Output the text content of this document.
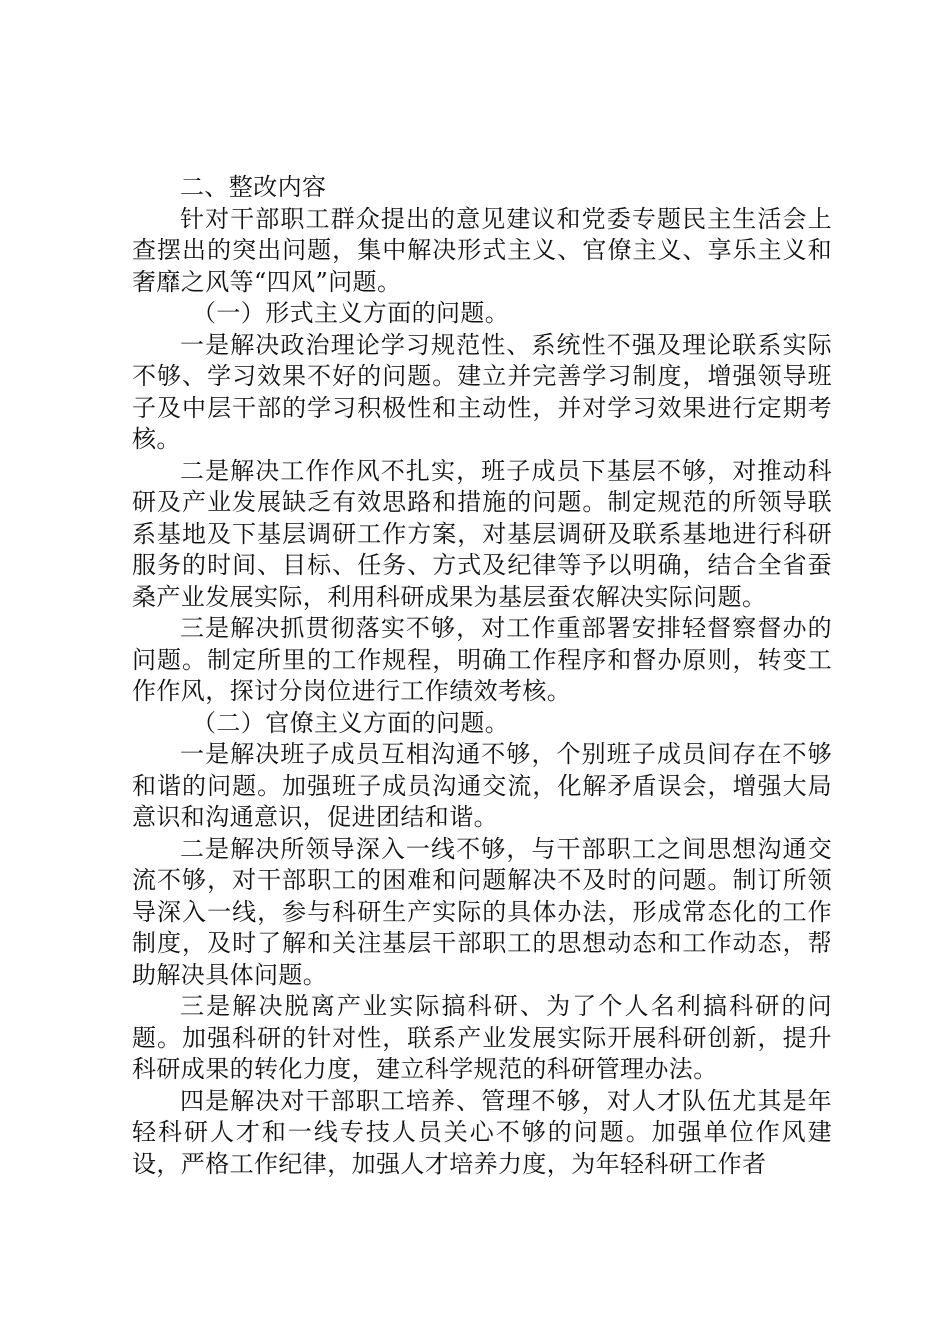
二、整改内容

针对干部职工群众提出的意见建议和党委专题民主生活会上查摆出的突出问题，集中解决形式主义、官僚主义、享乐主义和奢靡之风等“四风”问题。

（一）形式主义方面的问题。

一是解决政治理论学习规范性、系统性不强及理论联系实际不够、学习效果不好的问题。建立并完善学习制度，增强领导班子及中层干部的学习积极性和主动性，并对学习效果进行定期考核。

二是解决工作作风不扎实，班子成员下基层不够，对推动科研及产业发展缺乏有效思路和措施的问题。制定规范的所领导联系基地及下基层调研工作方案，对基层调研及联系基地进行科研服务的时间、目标、任务、方式及纪律等予以明确，结合全省蚕桑产业发展实际，利用科研成果为基层蚕农解决实际问题。

三是解决抓贯彻落实不够，对工作重部署安排轻督察督办的问题。制定所里的工作规程，明确工作程序和督办原则，转变工作作风，探讨分岗位进行工作绩效考核。

（二）官僚主义方面的问题。

一是解决班子成员互相沟通不够，个别班子成员间存在不够和谐的问题。加强班子成员沟通交流，化解矛盾误会，增强大局意识和沟通意识，促进团结和谐。

二是解决所领导深入一线不够，与干部职工之间思想沟通交流不够，对干部职工的困难和问题解决不及时的问题。制订所领导深入一线，参与科研生产实际的具体办法，形成常态化的工作制度，及时了解和关注基层干部职工的思想动态和工作动态，帮助解决具体问题。

三是解决脱离产业实际搞科研、为了个人名利搞科研的问题。加强科研的针对性，联系产业发展实际开展科研创新，提升科研成果的转化力度，建立科学规范的科研管理办法。

四是解决对干部职工培养、管理不够，对人才队伍尤其是年轻科研人才和一线专技人员关心不够的问题。加强单位作风建设，严格工作纪律，加强人才培养力度，为年轻科研工作者
